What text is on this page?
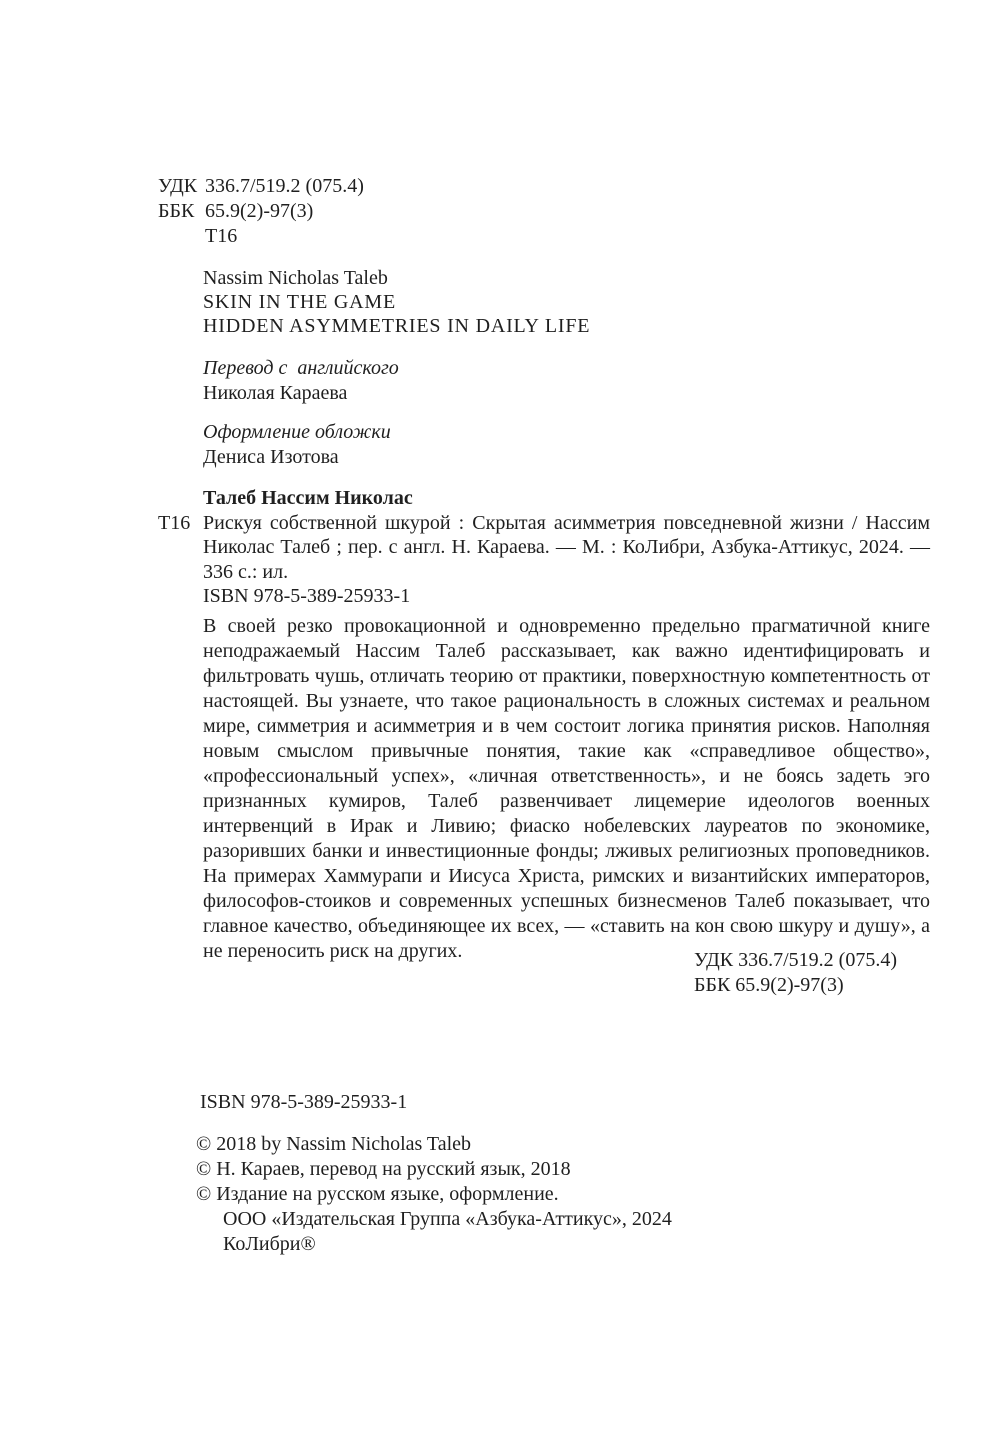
УДК 336.7/519.2 (075.4)
ББК 65.9(2)-97(3)
Т16
Nassim Nicholas Taleb
SKIN IN THE GAME
HIDDEN ASYMMETRIES IN DAILY LIFE
Перевод с  английского
Николая Караева
Оформление обложки
Дениса Изотова
Талеб Нассим Николас
Т16 Рискуя собственной шкурой : Скрытая асимметрия повседневной жизни / Нассим Николас Талеб ; пер. с англ. Н. Караева. — М. : КоЛибри, Азбука-Аттикус, 2024. — 336 с.: ил.
ISBN 978-5-389-25933-1
В своей резко провокационной и одновременно предельно прагматичной книге неподражаемый Нассим Талеб рассказывает, как важно идентифицировать и фильтровать чушь, отличать теорию от практики, поверхностную компетентность от настоящей. Вы узнаете, что такое рациональность в сложных системах и реальном мире, симметрия и асимметрия и в чем состоит логика принятия рисков. Наполняя новым смыслом привычные понятия, такие как «справедливое общество», «профессиональный успех», «личная ответственность», и не боясь задеть эго признанных кумиров, Талеб развенчивает лицемерие идеологов военных интервенций в Ирак и Ливию; фиаско нобелевских лауреатов по экономике, разоривших банки и инвестиционные фонды; лживых религиозных проповедников. На примерах Хаммурапи и Иисуса Христа, римских и византийских императоров, философов-стоиков и современных успешных бизнесменов Талеб показывает, что главное качество, объединяющее их всех, — «ставить на кон свою шкуру и душу», а не переносить риск на других.	УДК 336.7/519.2 (075.4)
ББК 65.9(2)-97(3)
ISBN 978-5-389-25933-1
© 2018 by Nassim Nicholas Taleb
© Н. Караев, перевод на русский язык, 2018
© Издание на русском языке, оформление.
ООО «Издательская Группа «Азбука-Аттикус», 2024
КоЛибри®
